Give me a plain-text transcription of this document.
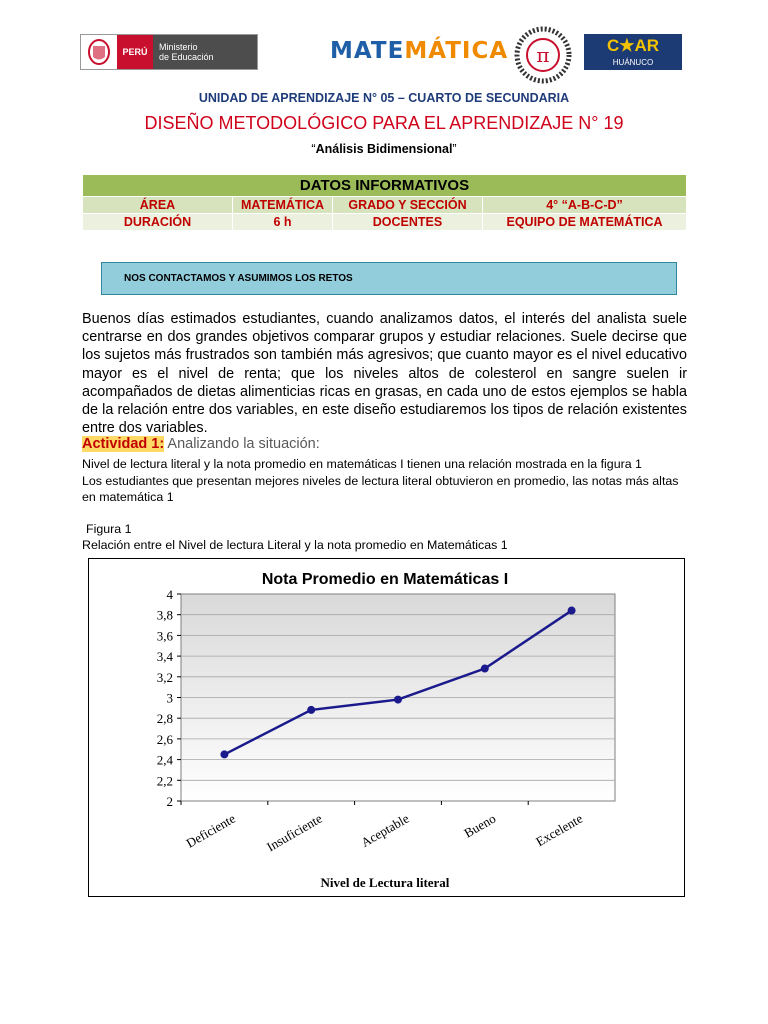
PERÚ	Ministerio
de Educación	MATEMÁTICA π	C★AR
HUÁNUCO
UNIDAD DE APRENDIZAJE N° 05 – CUARTO DE SECUNDARIA
DISEÑO METODOLÓGICO PARA EL APRENDIZAJE N° 19
“Análisis Bidimensional”
DATOS INFORMATIVOS			
ÁREA	MATEMÁTICA	GRADO Y SECCIÓN	4° “A-B-C-D”
DURACIÓN	6 h	DOCENTES	EQUIPO DE MATEMÁTICA
NOS CONTACTAMOS Y ASUMIMOS LOS RETOS

Buenos días estimados estudiantes, cuando analizamos datos, el interés del analista suele centrarse en dos grandes objetivos comparar grupos y estudiar relaciones. Suele decirse que los sujetos más frustrados son también más agresivos; que cuanto mayor es el nivel educativo mayor es el nivel de renta; que los niveles altos de colesterol en sangre suelen ir acompañados de dietas alimenticias ricas en grasas, en cada uno de estos ejemplos se habla de la relación entre dos variables, en este diseño estudiaremos los tipos de relación existentes entre dos variables.

Actividad 1: Analizando la situación:
Nivel de lectura literal y la nota promedio en matemáticas I tienen una relación mostrada en la figura 1
Los estudiantes que presentan mejores niveles de lectura literal obtuvieron en promedio, las notas más altas en matemática 1
Figura 1
Relación entre el Nivel de lectura Literal y la nota promedio en Matemáticas 1
Nota Promedio en Matemáticas I
2
2,2
2,4
2,6
2,8
3
3,2
3,4
3,6
3,8
4
Deficiente Insuficiente	Aceptable	Bueno	Excelente
Nivel de Lectura literal
